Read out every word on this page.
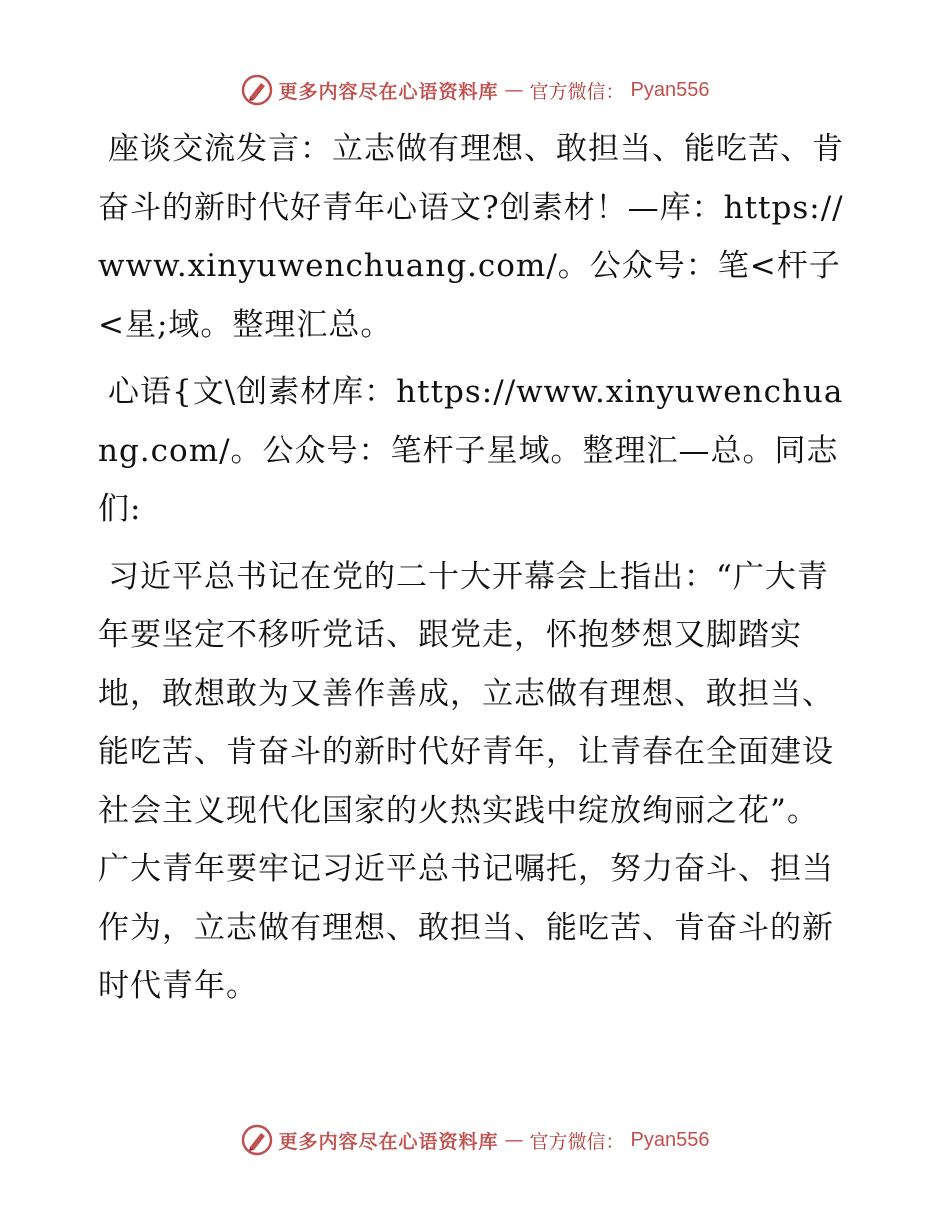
更多内容尽在心语资料库 — 官方微信： Pyan556

座谈交流发言：立志做有理想、敢担当、能吃苦、肯奋斗的新时代好青年心语文?创素材！—库：https://www.xinyuwenchuang.com/。公众号：笔<杆子<星;域。整理汇总。

心语{文\创素材库：https://www.xinyuwenchuang.com/。公众号：笔杆子星域。整理汇—总。同志们:

习近平总书记在党的二十大开幕会上指出：“广大青年要坚定不移听党话、跟党走，怀抱梦想又脚踏实地，敢想敢为又善作善成，立志做有理想、敢担当、能吃苦、肯奋斗的新时代好青年，让青春在全面建设社会主义现代化国家的火热实践中绽放绚丽之花”。广大青年要牢记习近平总书记嘱托，努力奋斗、担当作为，立志做有理想、敢担当、能吃苦、肯奋斗的新时代青年。

更多内容尽在心语资料库 — 官方微信： Pyan556
